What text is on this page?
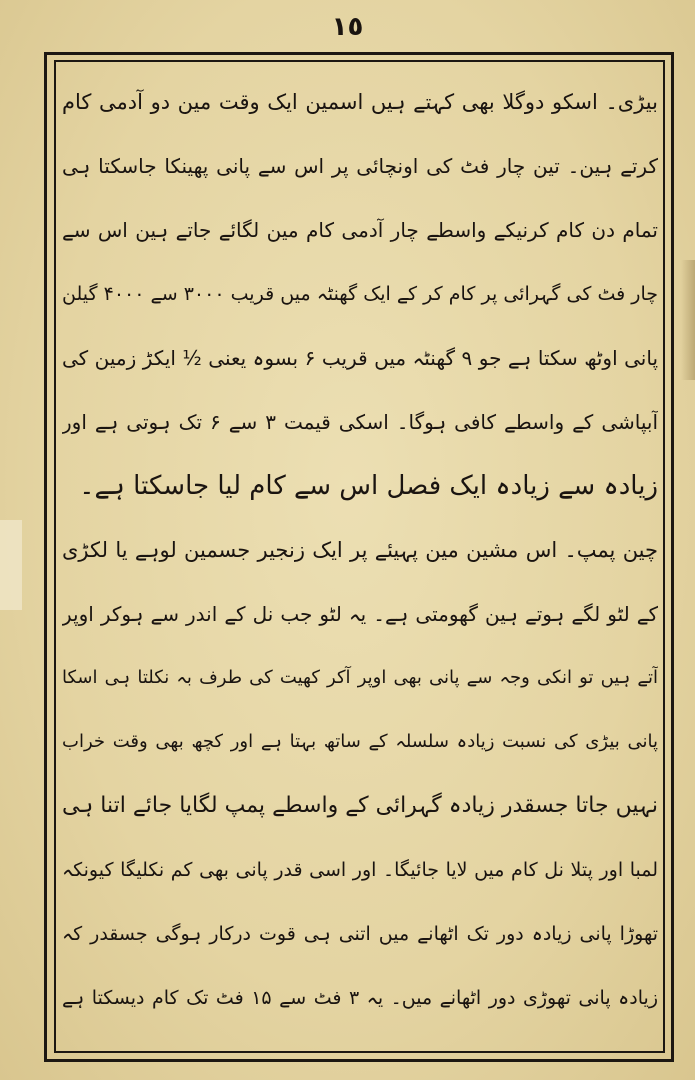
١٥
بیڑی۔ اسکو دوگلا بھی کہتے ہیں اسمین ایک وقت مین دو آدمی کام
کرتے ہین۔ تین چار فٹ کی اونچائی پر اس سے پانی پھینکا جاسکتا ہی
تمام دن کام کرنیکے واسطے چار آدمی کام مین لگائے جاتے ہین اس سے
چار فٹ کی گہرائی پر کام کر کے ایک گھنٹہ میں قریب ۳۰۰۰ سے ۴۰۰۰ گیلن
پانی اوٹھ سکتا ہے جو ۹ گھنٹہ میں قریب ۶ بسوہ یعنی ½ ایکڑ زمین کی
آبپاشی کے واسطے کافی ہوگا۔ اسکی قیمت ۳ سے ۶ تک ہوتی ہے اور
زیادہ سے زیادہ ایک فصل اس سے کام لیا جاسکتا ہے۔
چین پمپ۔ اس مشین مین پہیئے پر ایک زنجیر جسمین لوہے یا لکڑی
کے لٹو لگے ہوتے ہین گھومتی ہے۔ یہ لٹو جب نل کے اندر سے ہوکر اوپر
آتے ہیں تو انکی وجہ سے پانی بھی اوپر آکر کھیت کی طرف بہ نکلتا ہی اسکا
پانی بیڑی کی نسبت زیادہ سلسلہ کے ساتھ بہتا ہے اور کچھ بھی وقت خراب
نہیں جاتا جسقدر زیادہ گہرائی کے واسطے پمپ لگایا جائے اتنا ہی
لمبا اور پتلا نل کام میں لایا جائیگا۔ اور اسی قدر پانی بھی کم نکلیگا کیونکہ
تھوڑا پانی زیادہ دور تک اٹھانے میں اتنی ہی قوت درکار ہوگی جسقدر کہ
زیادہ پانی تھوڑی دور اٹھانے میں۔ یہ ۳ فٹ سے ۱۵ فٹ تک کام دیسکتا ہے
